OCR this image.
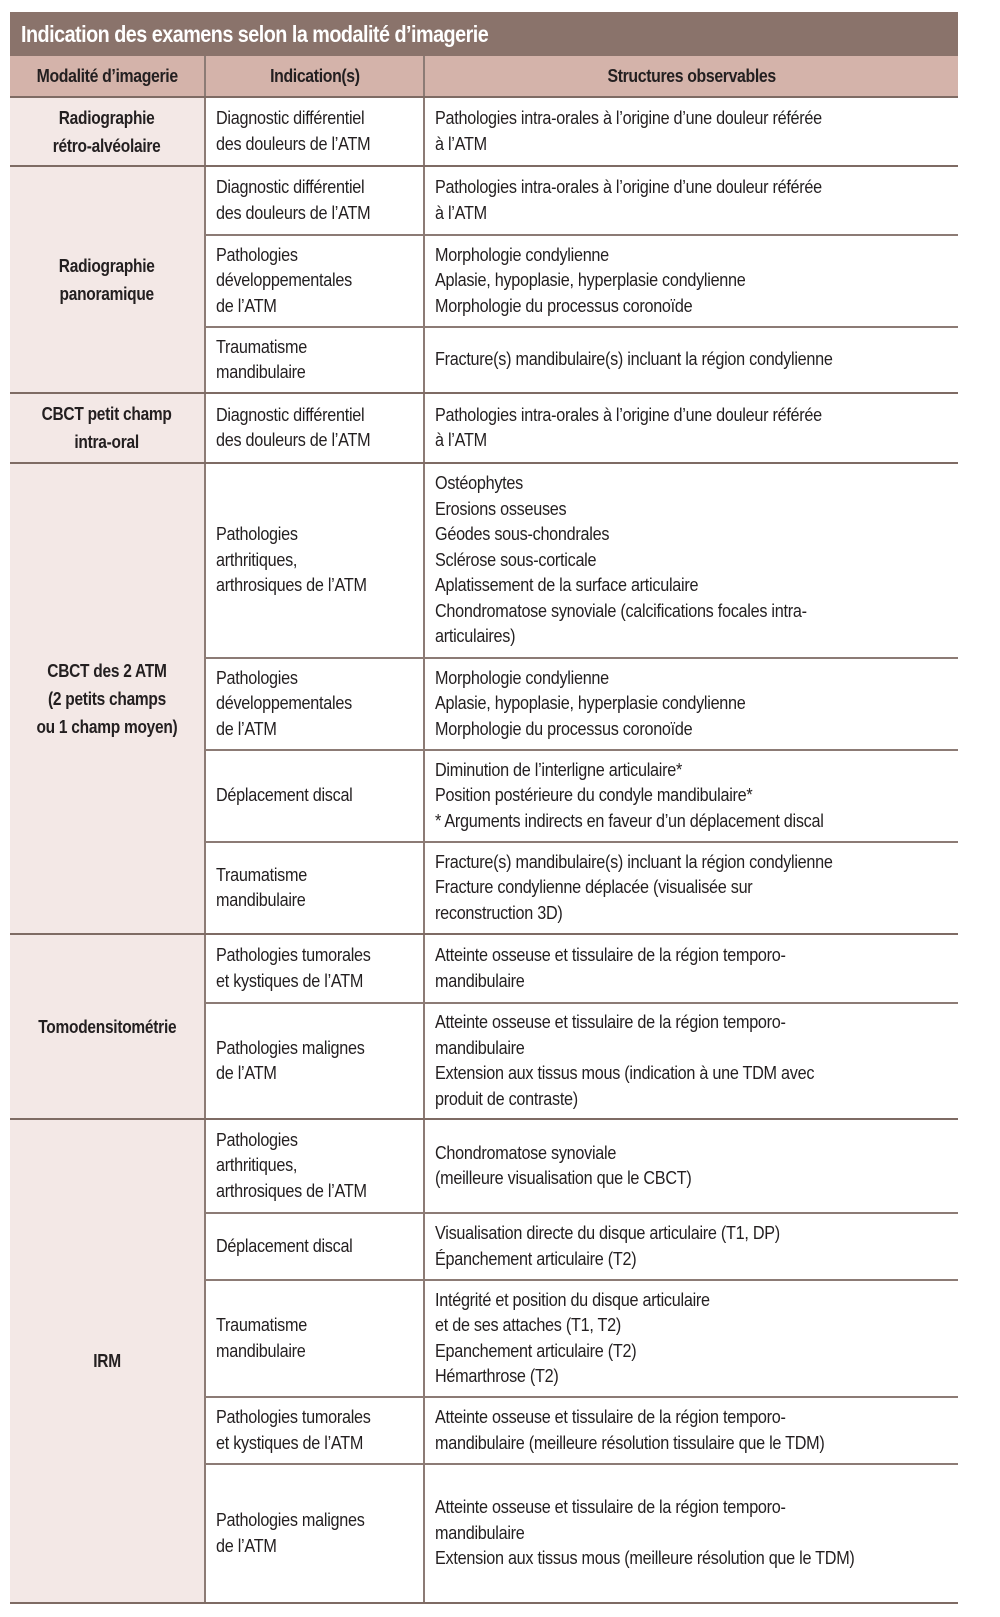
Indication des examens selon la modalité d’imagerie
Modalité d’imagerie	Indication(s)	Structures observables
Radiographie
rétro-alvéolaire
Diagnostic différentiel
des douleurs de l’ATM
Pathologies intra-orales à l’origine d’une douleur référée
à l’ATM
Radiographie
panoramique
Diagnostic différentiel
des douleurs de l’ATM
Pathologies intra-orales à l’origine d’une douleur référée
à l’ATM
Pathologies
développementales
de l’ATM
Morphologie condylienne
Aplasie, hypoplasie, hyperplasie condylienne
Morphologie du processus coronoïde
Traumatisme
mandibulaire
Fracture(s) mandibulaire(s) incluant la région condylienne
CBCT petit champ
intra-oral
Diagnostic différentiel
des douleurs de l’ATM
Pathologies intra-orales à l’origine d’une douleur référée
à l’ATM
CBCT des 2 ATM
(2 petits champs
ou 1 champ moyen)
Pathologies
arthritiques,
arthrosiques de l’ATM
Ostéophytes
Erosions osseuses
Géodes sous-chondrales
Sclérose sous-corticale
Aplatissement de la surface articulaire
Chondromatose synoviale (calcifications focales intra-
articulaires)
Pathologies
développementales
de l’ATM
Morphologie condylienne
Aplasie, hypoplasie, hyperplasie condylienne
Morphologie du processus coronoïde
Déplacement discal
Diminution de l’interligne articulaire*
Position postérieure du condyle mandibulaire*
* Arguments indirects en faveur d’un déplacement discal
Traumatisme
mandibulaire
Fracture(s) mandibulaire(s) incluant la région condylienne
Fracture condylienne déplacée (visualisée sur
reconstruction 3D)
Tomodensitométrie
Pathologies tumorales
et kystiques de l’ATM
Atteinte osseuse et tissulaire de la région temporo-
mandibulaire
Pathologies malignes
de l’ATM
Atteinte osseuse et tissulaire de la région temporo-
mandibulaire
Extension aux tissus mous (indication à une TDM avec
produit de contraste)
IRM
Pathologies
arthritiques,
arthrosiques de l’ATM
Chondromatose synoviale
(meilleure visualisation que le CBCT)
Déplacement discal
Visualisation directe du disque articulaire (T1, DP)
Épanchement articulaire (T2)
Traumatisme
mandibulaire
Intégrité et position du disque articulaire
et de ses attaches (T1, T2)
Epanchement articulaire (T2)
Hémarthrose (T2)
Pathologies tumorales
et kystiques de l’ATM
Atteinte osseuse et tissulaire de la région temporo-
mandibulaire (meilleure résolution tissulaire que le TDM)
Pathologies malignes
de l’ATM
Atteinte osseuse et tissulaire de la région temporo-
mandibulaire
Extension aux tissus mous (meilleure résolution que le TDM)
